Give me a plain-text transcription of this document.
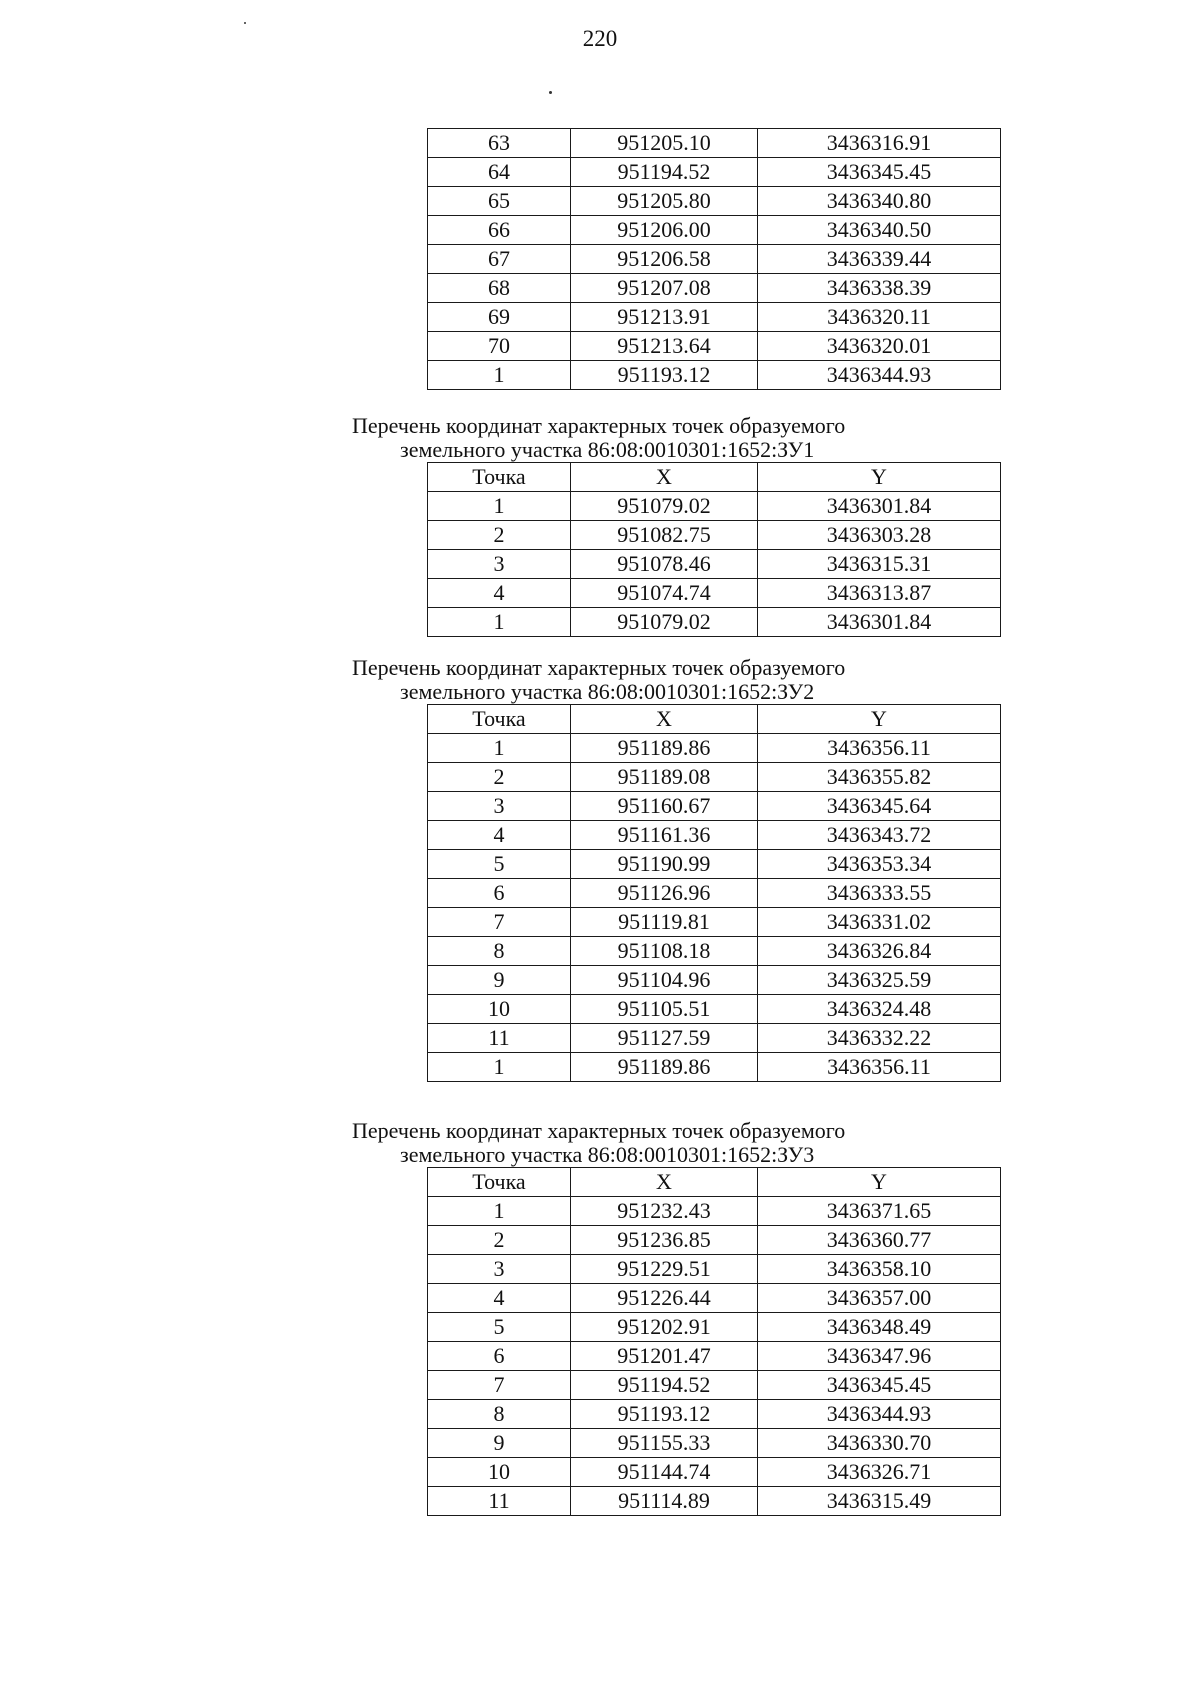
220
63	951205.10	3436316.91
64	951194.52	3436345.45
65	951205.80	3436340.80
66	951206.00	3436340.50
67	951206.58	3436339.44
68	951207.08	3436338.39
69	951213.91	3436320.11
70	951213.64	3436320.01
1	951193.12	3436344.93
Перечень координат характерных точек образуемого
земельного участка 86:08:0010301:1652:ЗУ1
Точка	X	Y
1	951079.02	3436301.84
2	951082.75	3436303.28
3	951078.46	3436315.31
4	951074.74	3436313.87
1	951079.02	3436301.84
Перечень координат характерных точек образуемого
земельного участка 86:08:0010301:1652:ЗУ2
Точка	X	Y
1	951189.86	3436356.11
2	951189.08	3436355.82
3	951160.67	3436345.64
4	951161.36	3436343.72
5	951190.99	3436353.34
6	951126.96	3436333.55
7	951119.81	3436331.02
8	951108.18	3436326.84
9	951104.96	3436325.59
10	951105.51	3436324.48
11	951127.59	3436332.22
1	951189.86	3436356.11
Перечень координат характерных точек образуемого
земельного участка 86:08:0010301:1652:ЗУ3
Точка	X	Y
1	951232.43	3436371.65
2	951236.85	3436360.77
3	951229.51	3436358.10
4	951226.44	3436357.00
5	951202.91	3436348.49
6	951201.47	3436347.96
7	951194.52	3436345.45
8	951193.12	3436344.93
9	951155.33	3436330.70
10	951144.74	3436326.71
11	951114.89	3436315.49
